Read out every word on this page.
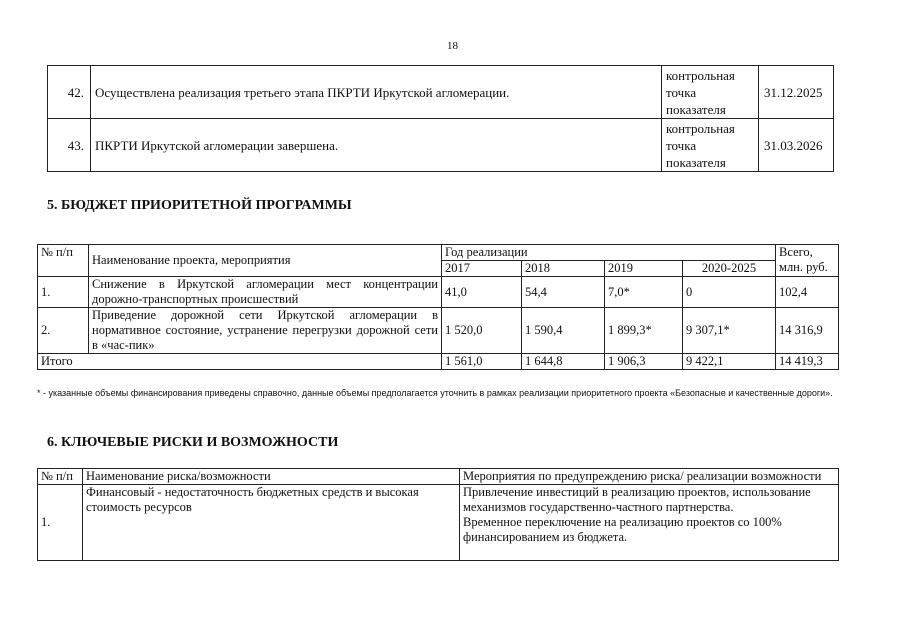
18
42.	Осуществлена реализация третьего этапа ПКРТИ Иркутской агломерации.	контрольная
точка
показателя	31.12.2025
43.	ПКРТИ Иркутской агломерации завершена.	контрольная
точка
показателя	31.03.2026
5. БЮДЖЕТ ПРИОРИТЕТНОЙ ПРОГРАММЫ
№ п/п	Наименование проекта, мероприятия	Год реализации				Всего, млн. руб.
		2017	2018	2019	2020-2025	
1.	Снижение в Иркутской агломерации мест концентрации дорожно-транспортных происшествий	41,0	54,4	7,0*	0	102,4
2.	Приведение дорожной сети Иркутской агломерации в нормативное состояние, устранение перегрузки дорожной сети в «час-пик»	1 520,0	1 590,4	1 899,3*	9 307,1*	14 316,9
Итого		1 561,0	1 644,8	1 906,3	9 422,1	14 419,3
* - указанные объемы финансирования приведены справочно, данные объемы предполагается уточнить в рамках реализации приоритетного проекта «Безопасные и качественные дороги».
6. КЛЮЧЕВЫЕ РИСКИ И ВОЗМОЖНОСТИ
№ п/п	Наименование риска/возможности	Мероприятия по предупреждению риска/ реализации возможности
1.	Финансовый - недостаточность бюджетных средств и высокая стоимость ресурсов	Привлечение инвестиций в реализацию проектов, использование механизмов государственно-частного партнерства.
Временное переключение на реализацию проектов со 100% финансированием из бюджета.
